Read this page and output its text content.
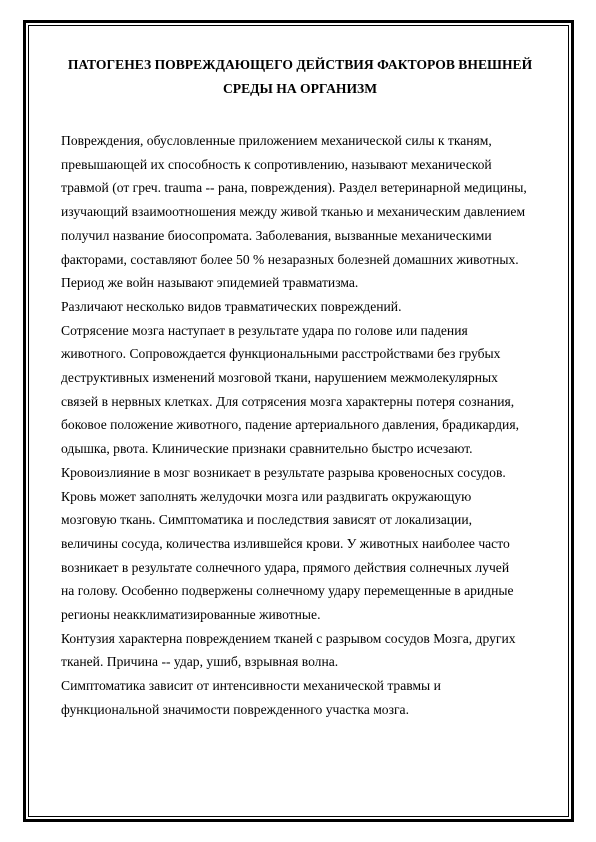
ПАТОГЕНЕЗ ПОВРЕЖДАЮЩЕГО ДЕЙСТВИЯ ФАКТОРОВ ВНЕШНЕЙ
СРЕДЫ НА ОРГАНИЗМ
Повреждения, обусловленные приложением механической силы к тканям,
превышающей их способность к сопротивлению, называют механической
травмой (от греч. trauma -- рана, повреждения). Раздел ветеринарной медицины,
изучающий взаимоотношения между живой тканью и механическим давлением
получил название биосопромата. Заболевания, вызванные механическими
факторами, составляют более 50 % незаразных болезней домашних животных.
Период же войн называют эпидемией травматизма.
Различают несколько видов травматических повреждений.
Сотрясение мозга наступает в результате удара по голове или падения
животного. Сопровождается функциональными расстройствами без грубых
деструктивных изменений мозговой ткани, нарушением межмолекулярных
связей в нервных клетках. Для сотрясения мозга характерны потеря сознания,
боковое положение животного, падение артериального давления, брадикардия,
одышка, рвота. Клинические признаки сравнительно быстро исчезают.
Кровоизлияние в мозг возникает в результате разрыва кровеносных сосудов.
Кровь может заполнять желудочки мозга или раздвигать окружающую
мозговую ткань. Симптоматика и последствия зависят от локализации,
величины сосуда, количества излившейся крови. У животных наиболее часто
возникает в результате солнечного удара, прямого действия солнечных лучей
на голову. Особенно подвержены солнечному удару перемещенные в аридные
регионы неакклиматизированные животные.
Контузия характерна повреждением тканей с разрывом сосудов Мозга, других
тканей. Причина -- удар, ушиб, взрывная волна.
Симптоматика зависит от интенсивности механической травмы и
функциональной значимости поврежденного участка мозга.
